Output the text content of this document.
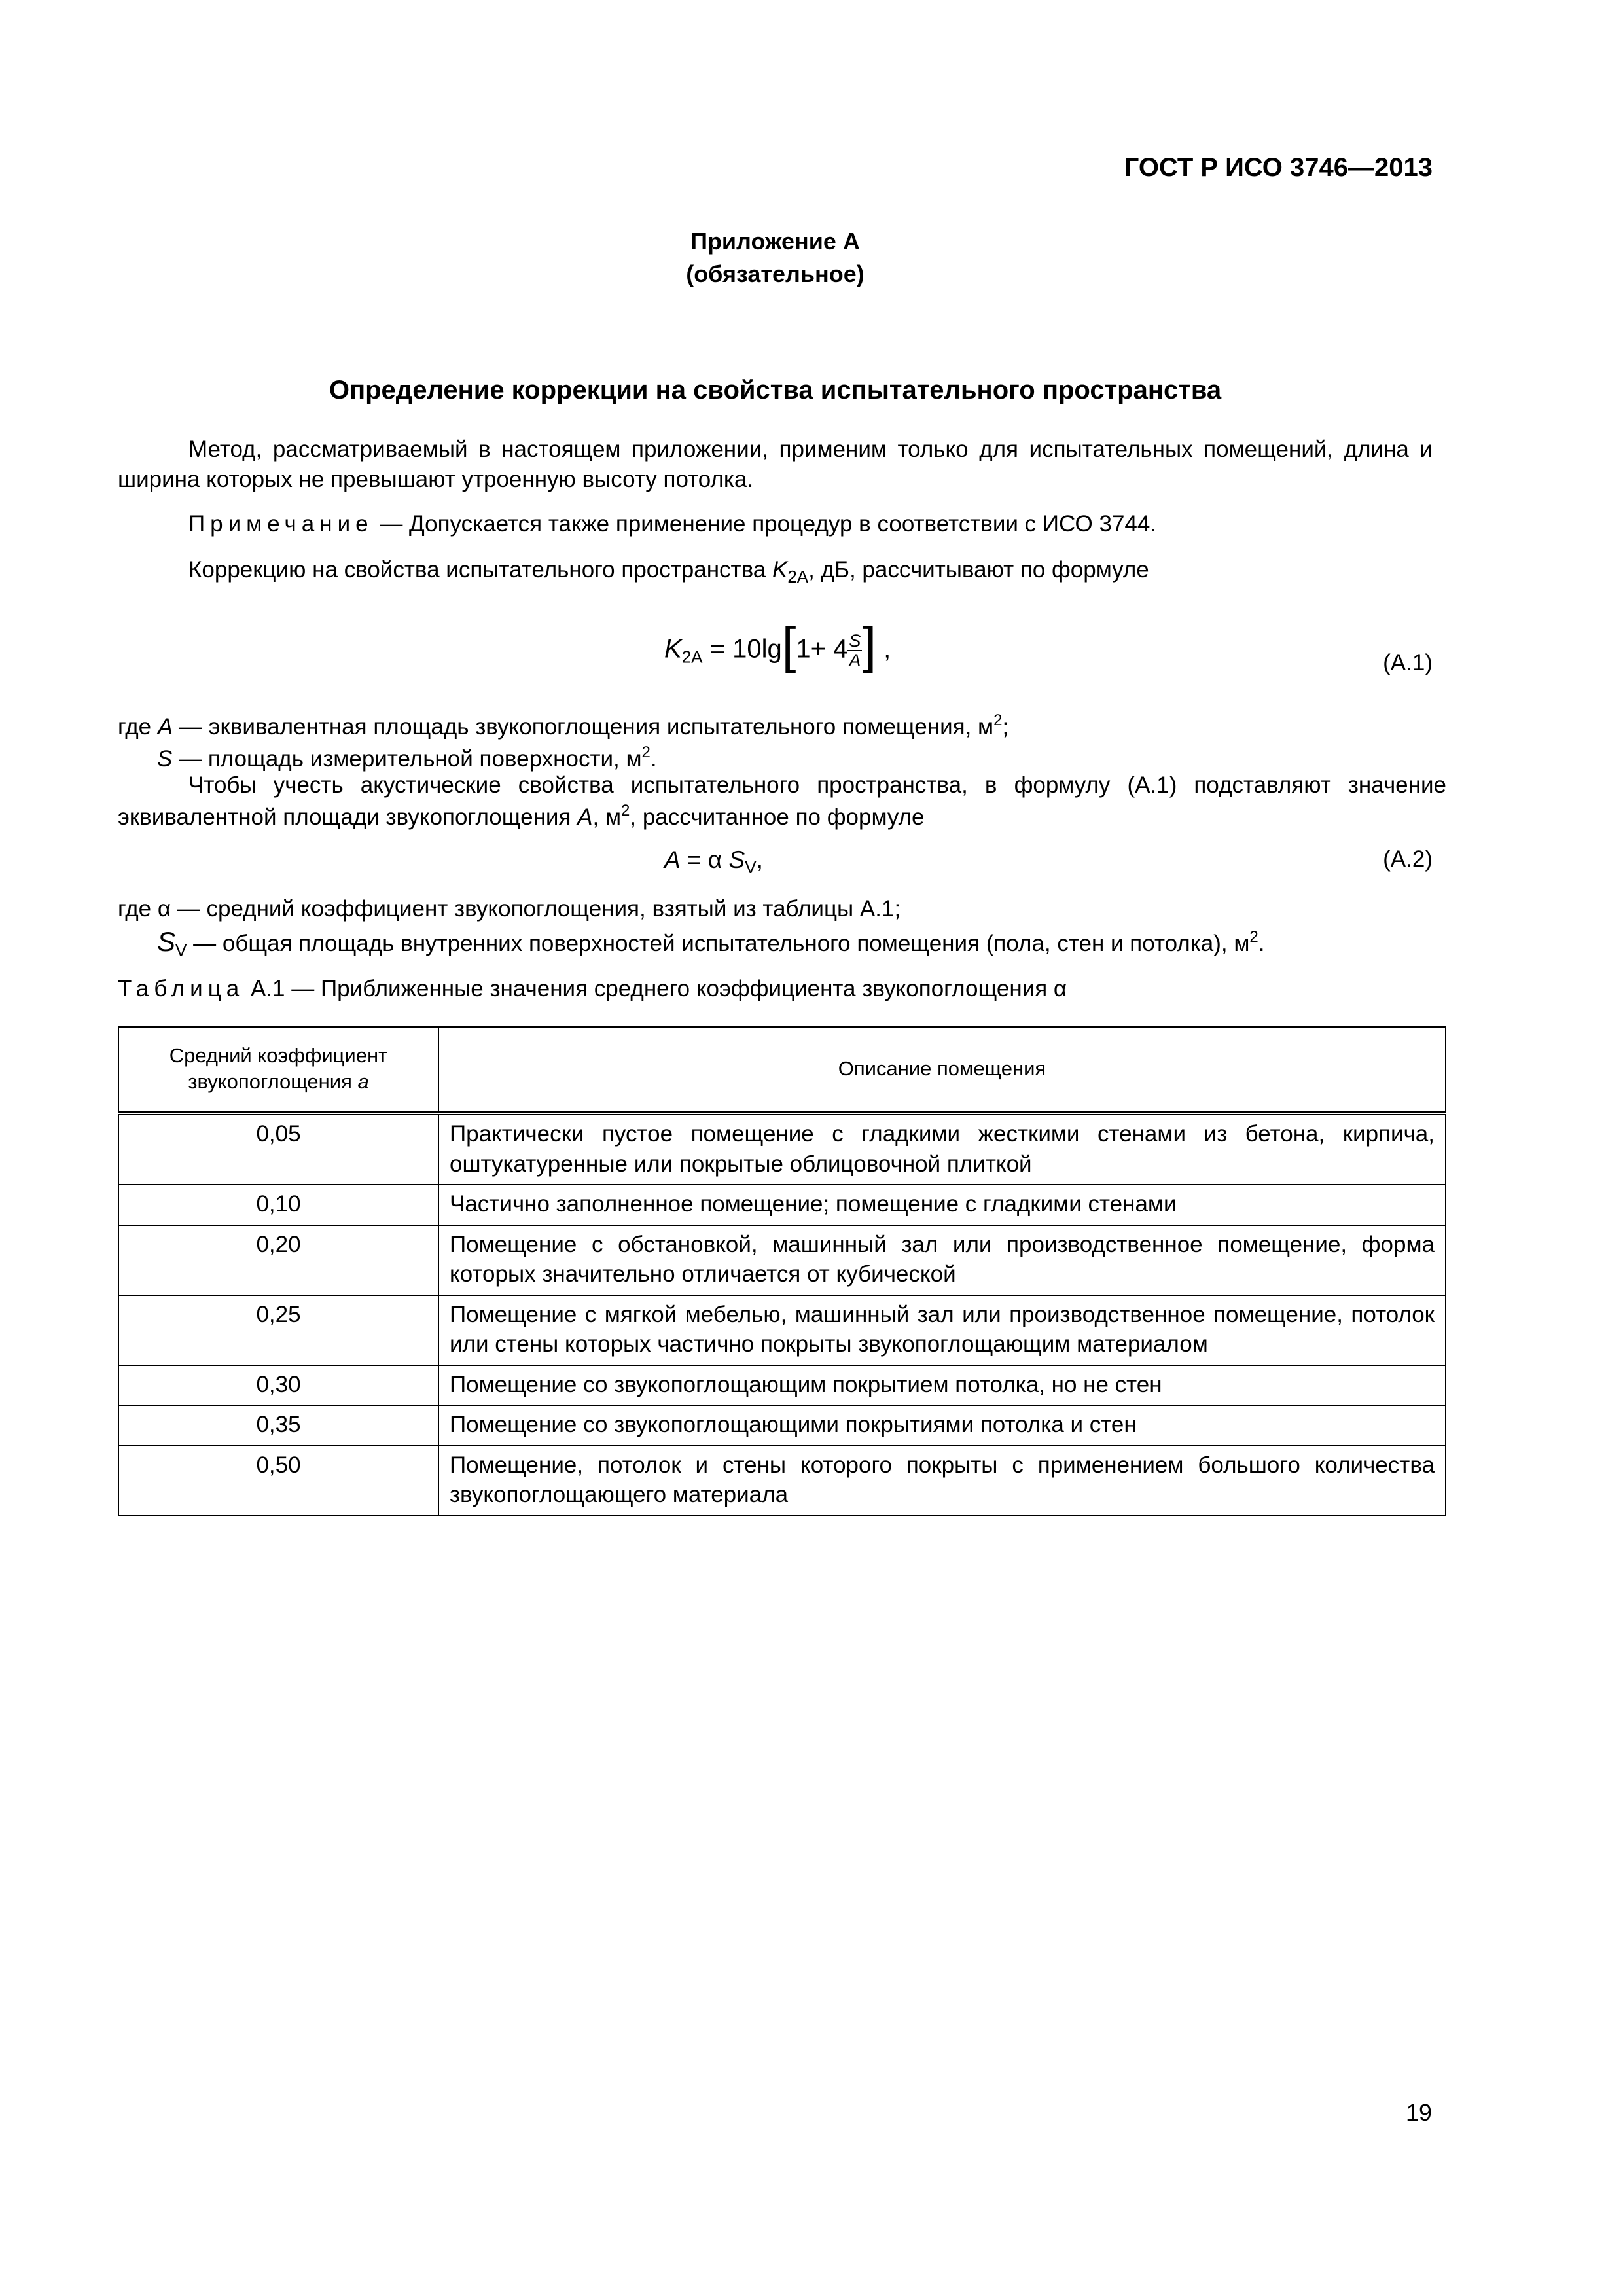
ГОСТ Р ИСО 3746—2013
Приложение А
(обязательное)
Определение коррекции на свойства испытательного пространства
Метод, рассматриваемый в настоящем приложении, применим только для испытательных помещений, длина и ширина которых не превышают утроенную высоту потолка.
Примечание — Допускается также применение процедур в соответствии с ИСО 3744.
Коррекцию на свойства испытательного пространства $K_{2A}$, дБ, рассчитывают по формуле
$K_{2A} = 10\lg[1+ 4 \frac{S}{A}$ ] ,	(A.1)
где A — эквивалентная площадь звукопоглощения испытательного помещения, $м^2$;
S — площадь измерительной поверхности, $м^2$.
Чтобы учесть акустические свойства испытательного пространства, в формулу (A.1) подставляют значение эквивалентной площади звукопоглощения A, $м^2$, рассчитанное по формуле
A = α $S_V$,	(A.2)
где α — средний коэффициент звукопоглощения, взятый из таблицы A.1;
$S_V$ — общая площадь внутренних поверхностей испытательного помещения (пола, стен и потолка), $м^2$.
Таблица A.1 — Приближенные значения среднего коэффициента звукопоглощения α
Средний коэффициент звукопоглощения a	Описание помещения
0,05	Практически пустое помещение с гладкими жесткими стенами из бетона, кирпича, оштукатуренные или покрытые облицовочной плиткой
0,10	Частично заполненное помещение; помещение с гладкими стенами
0,20	Помещение с обстановкой, машинный зал или производственное помещение, форма которых значительно отличается от кубической
0,25	Помещение с мягкой мебелью, машинный зал или производственное помещение, потолок или стены которых частично покрыты звукопоглощающим материалом
0,30	Помещение со звукопоглощающим покрытием потолка, но не стен
0,35	Помещение со звукопоглощающими покрытиями потолка и стен
0,50	Помещение, потолок и стены которого покрыты с применением большого количества звукопоглощающего материала
19
